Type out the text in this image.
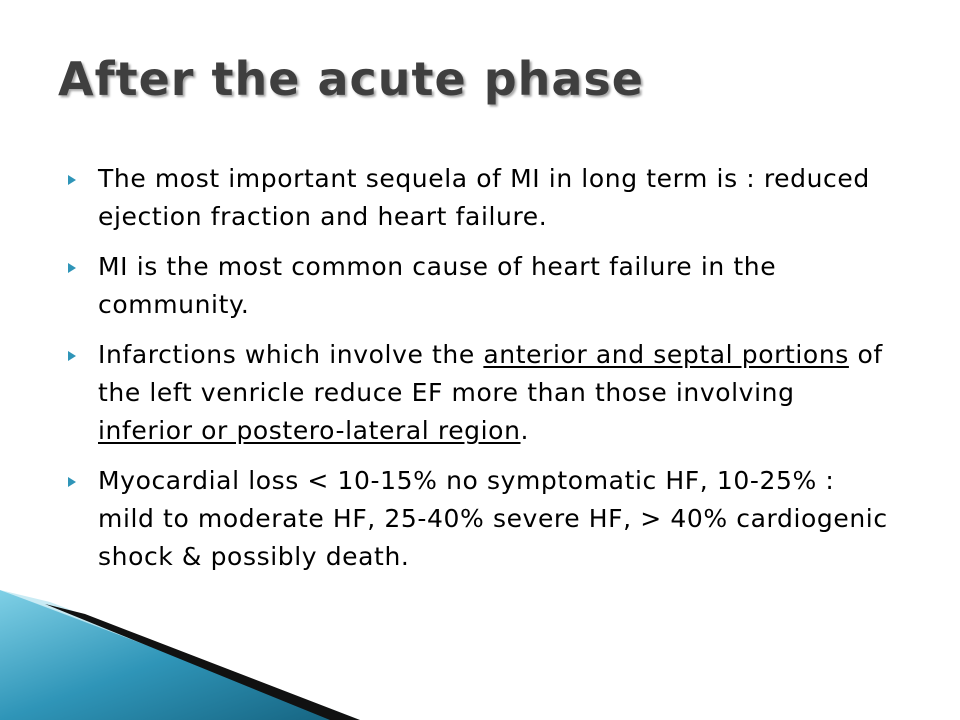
After the acute phase
The most important sequela of MI in long term is : reduced ejection fraction and heart failure.
MI is the most common cause of heart failure in the community.
Infarctions which involve the anterior and septal portions of the left venricle reduce EF more than those involving inferior or postero-lateral region.
Myocardial loss < 10-15% no symptomatic HF, 10-25% : mild to moderate HF, 25-40% severe HF, > 40% cardiogenic shock & possibly death.
